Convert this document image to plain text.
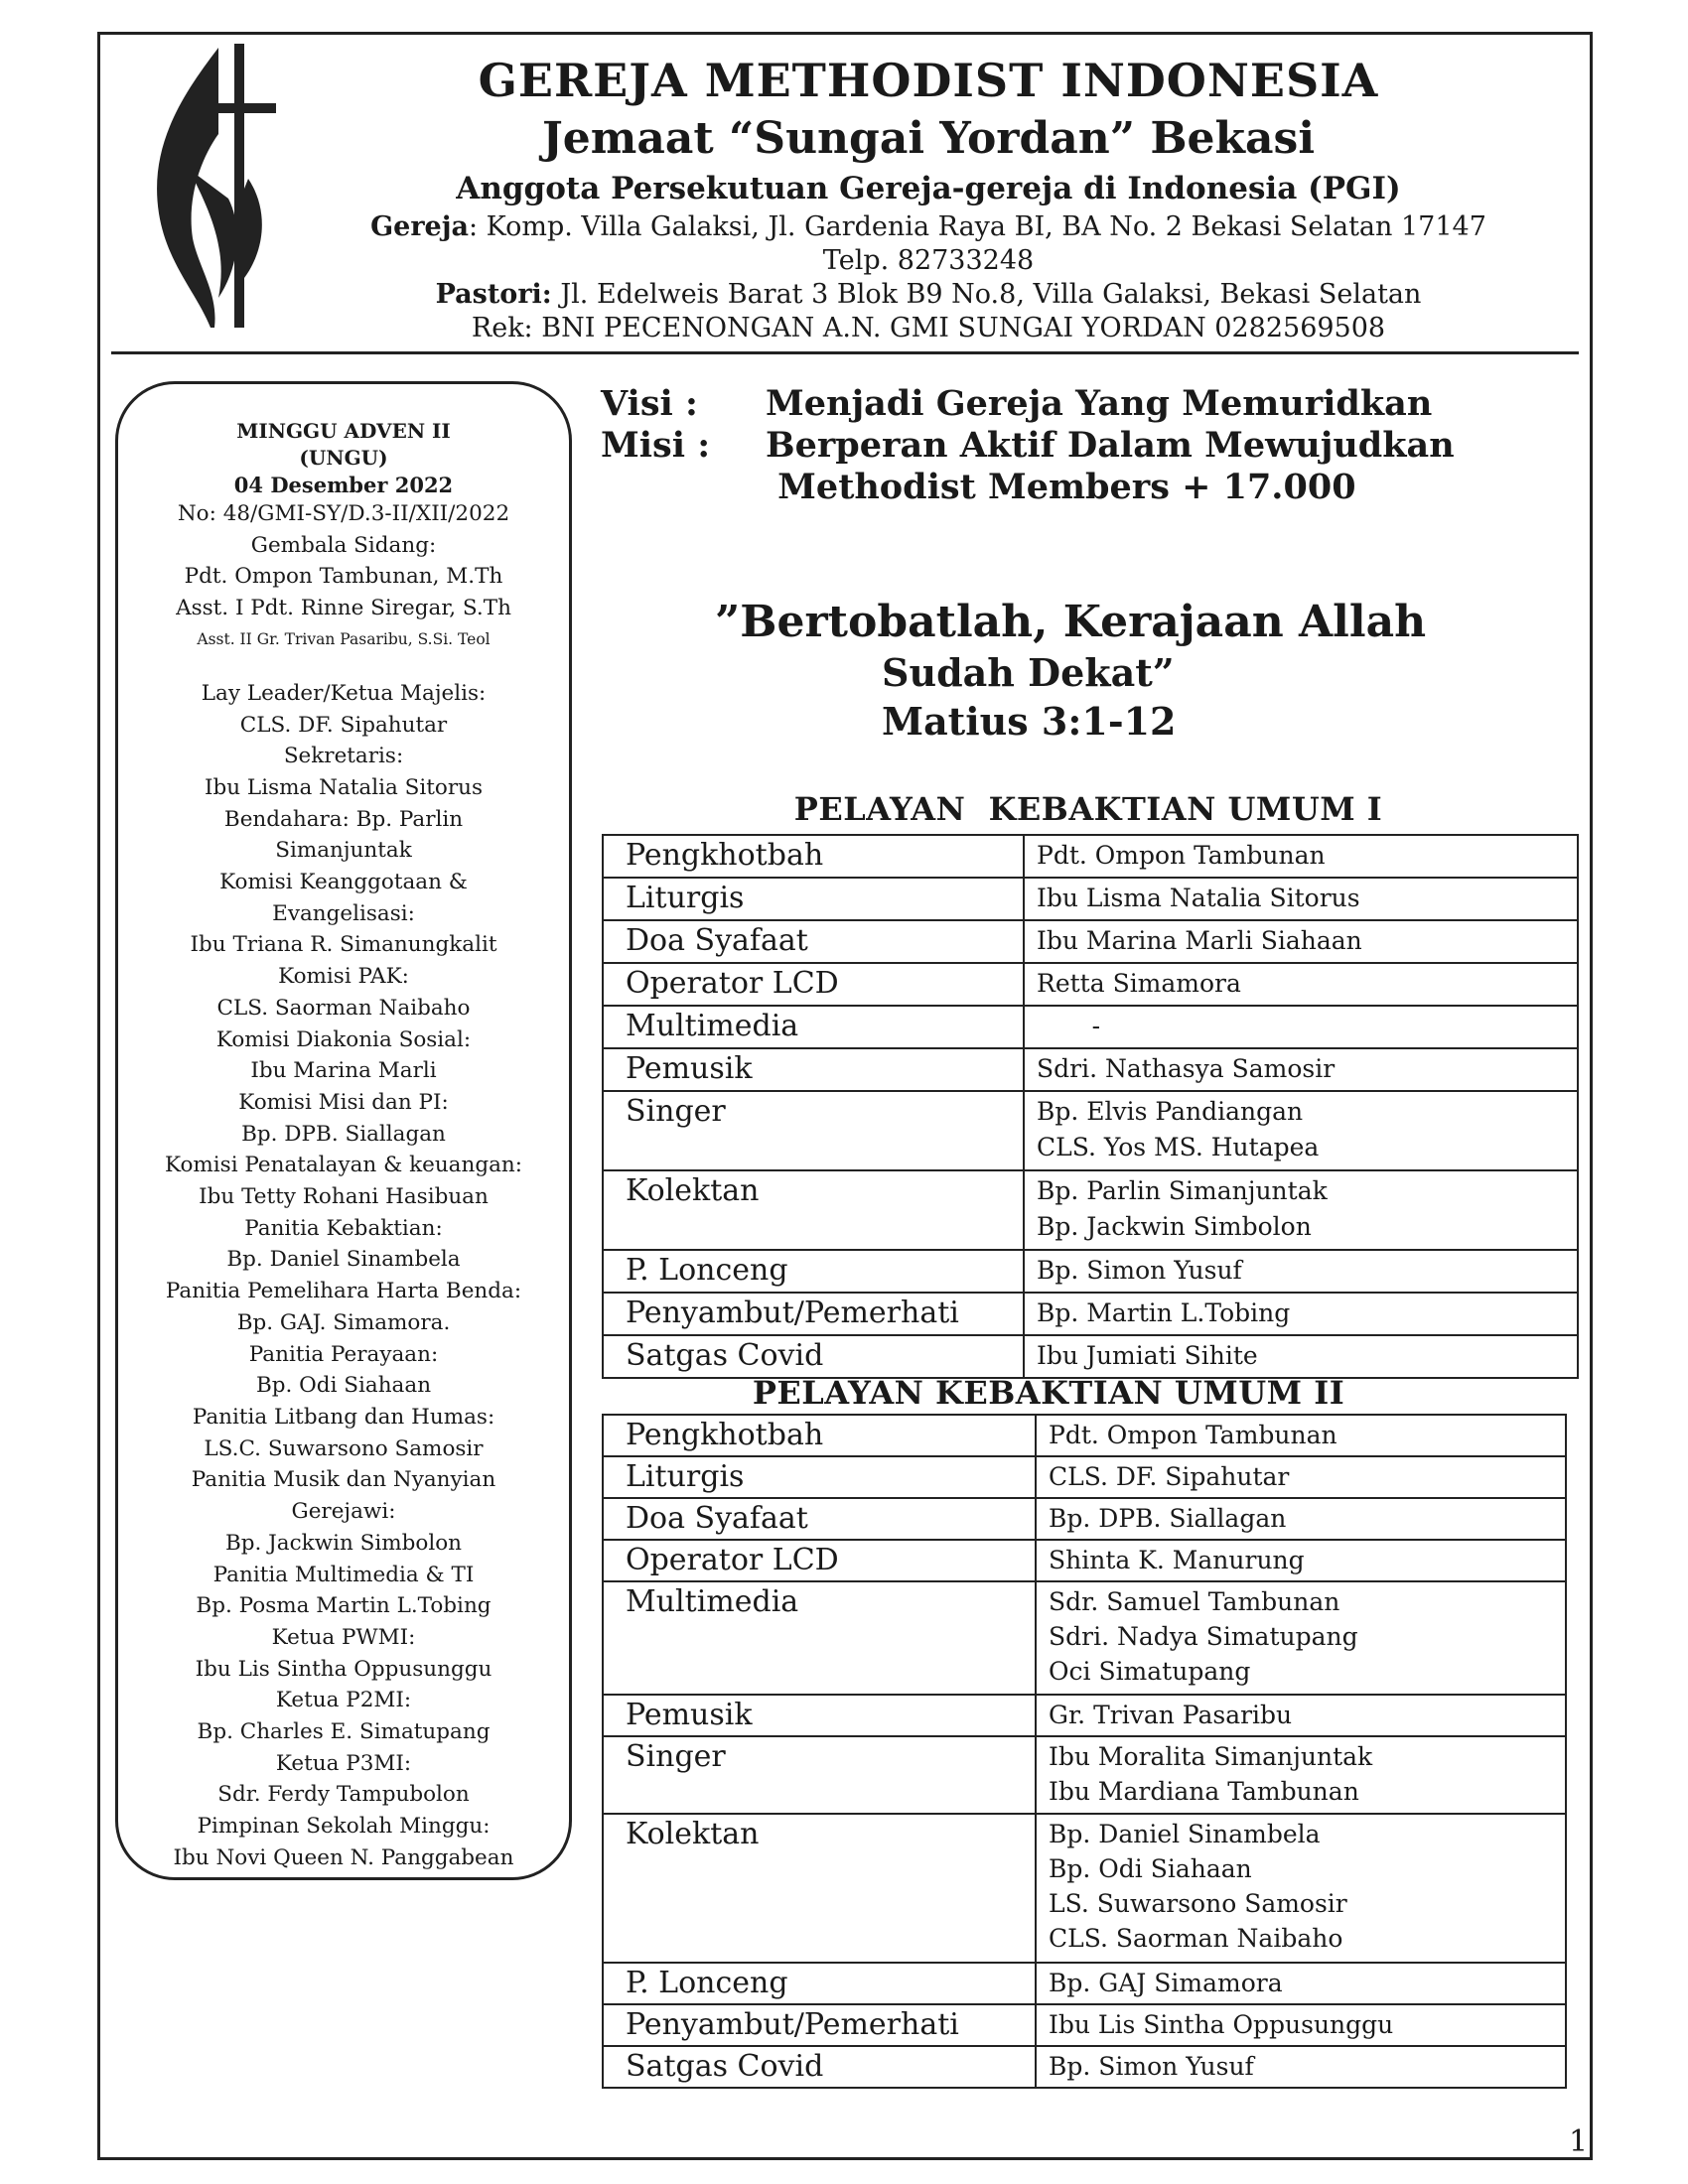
GEREJA METHODIST INDONESIA
Jemaat “Sungai Yordan” Bekasi
Anggota Persekutuan Gereja-gereja di Indonesia (PGI)
Gereja: Komp. Villa Galaksi, Jl. Gardenia Raya BI, BA No. 2 Bekasi Selatan 17147
Telp. 82733248
Pastori: Jl. Edelweis Barat 3 Blok B9 No.8, Villa Galaksi, Bekasi Selatan
Rek: BNI PECENONGAN A.N. GMI SUNGAI YORDAN 0282569508
MINGGU ADVEN II
(UNGU)
04 Desember 2022
No: 48/GMI-SY/D.3-II/XII/2022
Gembala Sidang:
Pdt. Ompon Tambunan, M.Th
Asst. I Pdt. Rinne Siregar, S.Th
Asst. II Gr. Trivan Pasaribu, S.Si. Teol
Lay Leader/Ketua Majelis:
CLS. DF. Sipahutar
Sekretaris:
Ibu Lisma Natalia Sitorus
Bendahara: Bp. Parlin
Simanjuntak
Komisi Keanggotaan &
Evangelisasi:
Ibu Triana R. Simanungkalit
Komisi PAK:
CLS. Saorman Naibaho
Komisi Diakonia Sosial:
Ibu Marina Marli
Komisi Misi dan PI:
Bp. DPB. Siallagan
Komisi Penatalayan & keuangan:
Ibu Tetty Rohani Hasibuan
Panitia Kebaktian:
Bp. Daniel Sinambela
Panitia Pemelihara Harta Benda:
Bp. GAJ. Simamora.
Panitia Perayaan:
Bp. Odi Siahaan
Panitia Litbang dan Humas:
LS.C. Suwarsono Samosir
Panitia Musik dan Nyanyian
Gerejawi:
Bp. Jackwin Simbolon
Panitia Multimedia & TI
Bp. Posma Martin L.Tobing
Ketua PWMI:
Ibu Lis Sintha Oppusunggu
Ketua P2MI:
Bp. Charles E. Simatupang
Ketua P3MI:
Sdr. Ferdy Tampubolon
Pimpinan Sekolah Minggu:
Ibu Novi Queen N. Panggabean
Visi :	Menjadi Gereja Yang Memuridkan
Misi :	Berperan Aktif Dalam Mewujudkan
Methodist Members + 17.000
”Bertobatlah, Kerajaan Allah
Sudah Dekat”
Matius 3:1-12
PELAYAN  KEBAKTIAN UMUM I
Pengkhotbah	Pdt. Ompon Tambunan

Liturgis	Ibu Lisma Natalia Sitorus

Doa Syafaat	Ibu Marina Marli Siahaan

Operator LCD	Retta Simamora

Multimedia	-

Pemusik	Sdri. Nathasya Samosir

Singer	Bp. Elvis Pandiangan
CLS. Yos MS. Hutapea

Kolektan	Bp. Parlin Simanjuntak
Bp. Jackwin Simbolon

P. Lonceng	Bp. Simon Yusuf

Penyambut/Pemerhati	Bp. Martin L.Tobing

Satgas Covid	Ibu Jumiati Sihite
PELAYAN KEBAKTIAN UMUM II
Pengkhotbah	Pdt. Ompon Tambunan

Liturgis	CLS. DF. Sipahutar

Doa Syafaat	Bp. DPB. Siallagan

Operator LCD	Shinta K. Manurung

Multimedia	Sdr. Samuel Tambunan
Sdri. Nadya Simatupang
Oci Simatupang

Pemusik	Gr. Trivan Pasaribu

Singer	Ibu Moralita Simanjuntak
Ibu Mardiana Tambunan

Kolektan	Bp. Daniel Sinambela
Bp. Odi Siahaan
LS. Suwarsono Samosir
CLS. Saorman Naibaho

P. Lonceng	Bp. GAJ Simamora

Penyambut/Pemerhati	Ibu Lis Sintha Oppusunggu

Satgas Covid	Bp. Simon Yusuf
1
